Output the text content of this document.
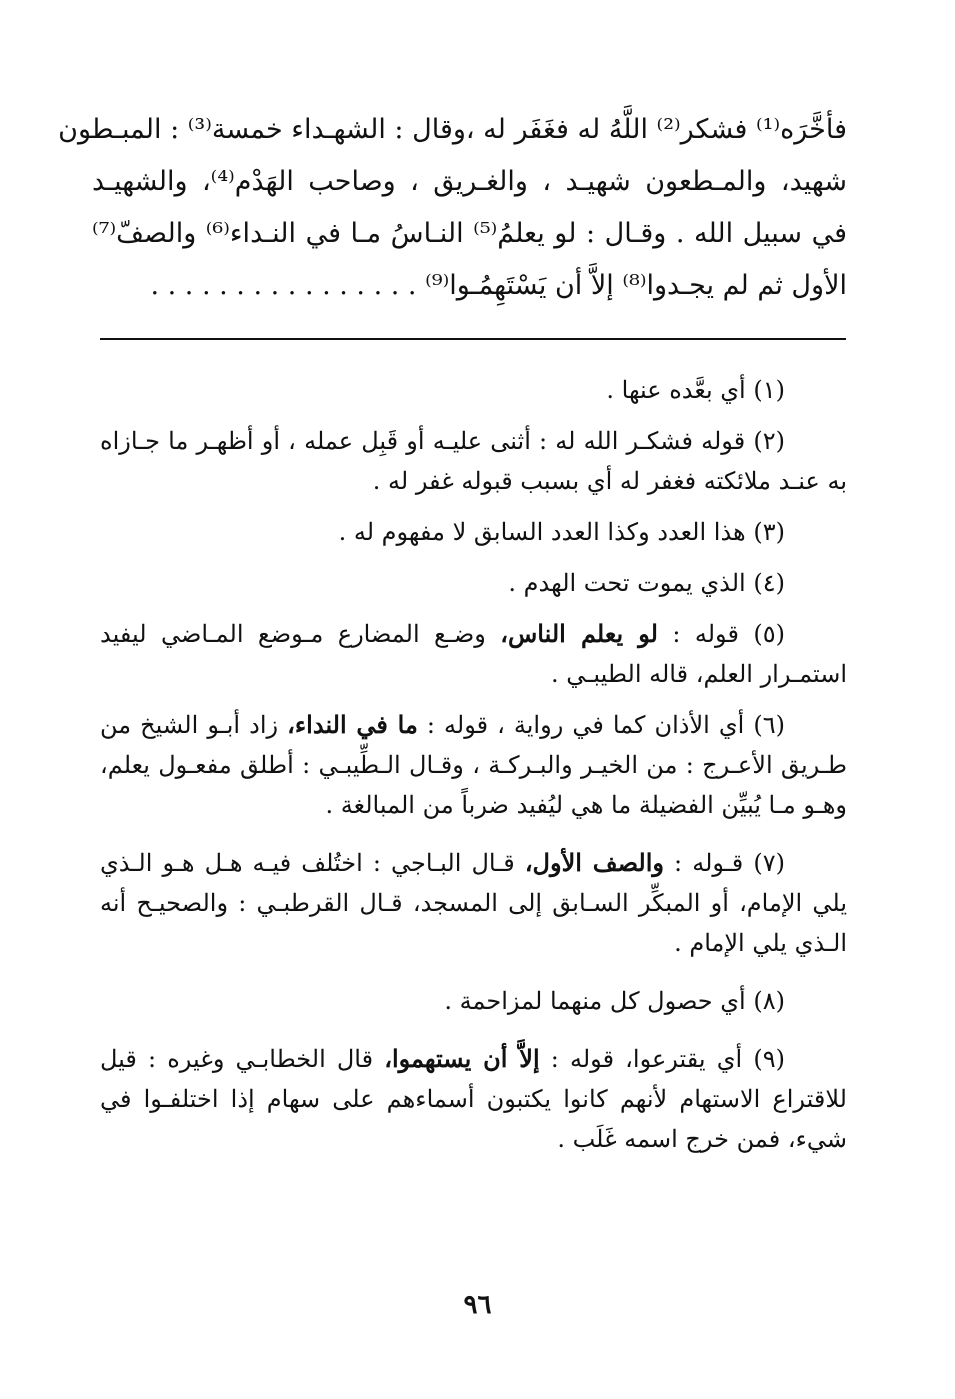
فأخَّرَه⁽¹⁾ فشكر⁽²⁾ اللَّهُ له فغَفَر له ،وقال : الشهـداء خمسة⁽³⁾ : المبـطون
شهيد، والمـطعون شهيـد ، والغـريق ، وصاحب الهَدْم⁽⁴⁾، والشهيـد
في سبيل الله . وقـال : لو يعلمُ⁽⁵⁾ النـاسُ مـا في النـداء⁽⁶⁾ والصفّ⁽⁷⁾
الأول ثم لم يجـدوا⁽⁸⁾ إلاَّ أن يَسْتَهِمُـوا⁽⁹⁾ . . . . . . . . . . . . . . . .

(١) أي بعَّده عنها .

(٢) قوله فشكـر الله له : أثنى عليـه أو قَبِل عمله ، أو أظهـر ما جـازاه به عنـد ملائكته فغفر له أي بسبب قبوله غفر له .

(٣) هذا العدد وكذا العدد السابق لا مفهوم له .

(٤) الذي يموت تحت الهدم .

(٥) قوله : لو يعلم الناس، وضـع المضارع مـوضع المـاضي ليفيد استمـرار العلم، قاله الطيبـي .

(٦) أي الأذان كما في رواية ، قوله : ما في النداء، زاد أبـو الشيخ من طـريق الأعـرج : من الخيـر والبـركـة ، وقـال الـطِّيبـي : أطلق مفعـول يعلم، وهـو مـا يُبيِّن الفضيلة ما هي ليُفيد ضرباً من المبالغة .

(٧) قـوله : والصف الأول، قـال البـاجي : اختُلف فيـه هـل هـو الـذي يلي الإمام، أو المبكِّر السـابق إلى المسجد، قـال القرطبـي : والصحيـح أنه الـذي يلي الإمام .

(٨) أي حصول كل منهما لمزاحمة .

(٩) أي يقترعوا، قوله : إلاَّ أن يستهموا، قال الخطابـي وغيره : قيل للاقتراع الاستهام لأنهم كانوا يكتبون أسماءهم على سهام إذا اختلفـوا في شيء، فمن خرج اسمه غَلَب .

٩٦
